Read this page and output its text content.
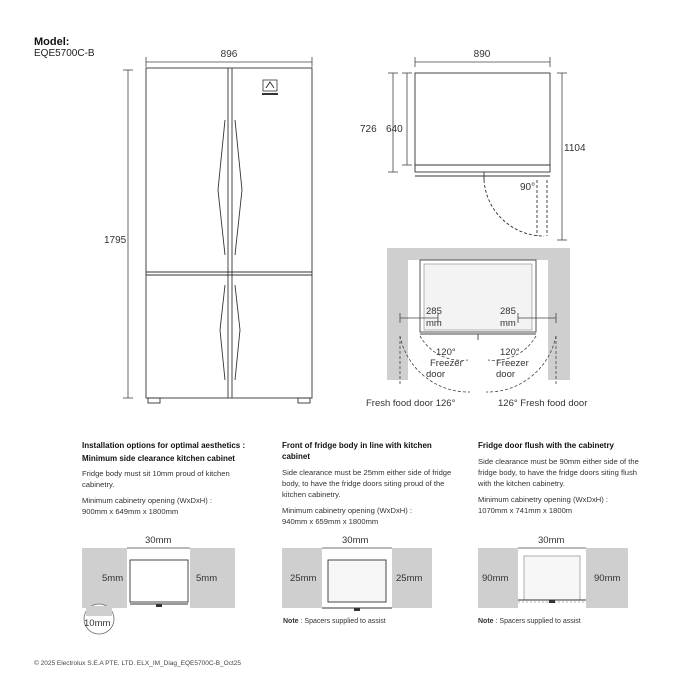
Model:
EQE5700C-B	896
1795
890
726 640
1104
90°
285 mm
285 mm
120° Freezer door
120° Freezer door
Fresh food door 126°	126° Fresh food door
Installation options for optimal aesthetics :
Minimum side clearance kitchen cabinet
Fridge body must sit 10mm proud of kitchen cabinetry.
Minimum cabinetry opening (WxDxH) :
900mm x 649mm x 1800mm
Front of fridge body in line with kitchen cabinet
Side clearance must be 25mm either side of fridge body, to have the fridge doors siting proud of the kitchen cabinetry.
Minimum cabinetry opening (WxDxH) :
940mm x 659mm x 1800mm
Fridge door flush with the cabinetry
Side clearance must be 90mm either side of the fridge body, to have the fridge doors siting flush with the kitchen cabinetry.
Minimum cabinetry opening (WxDxH) :
1070mm x 741mm x 1800m
30mm
5mm	5mm
10mm
30mm
25mm	25mm
30mm
90mm	90mm
Note : Spacers supplied to assist	Note : Spacers supplied to assist
© 2025 Electrolux S.E.A PTE. LTD. ELX_IM_Diag_EQE5700C-B_Oct25
